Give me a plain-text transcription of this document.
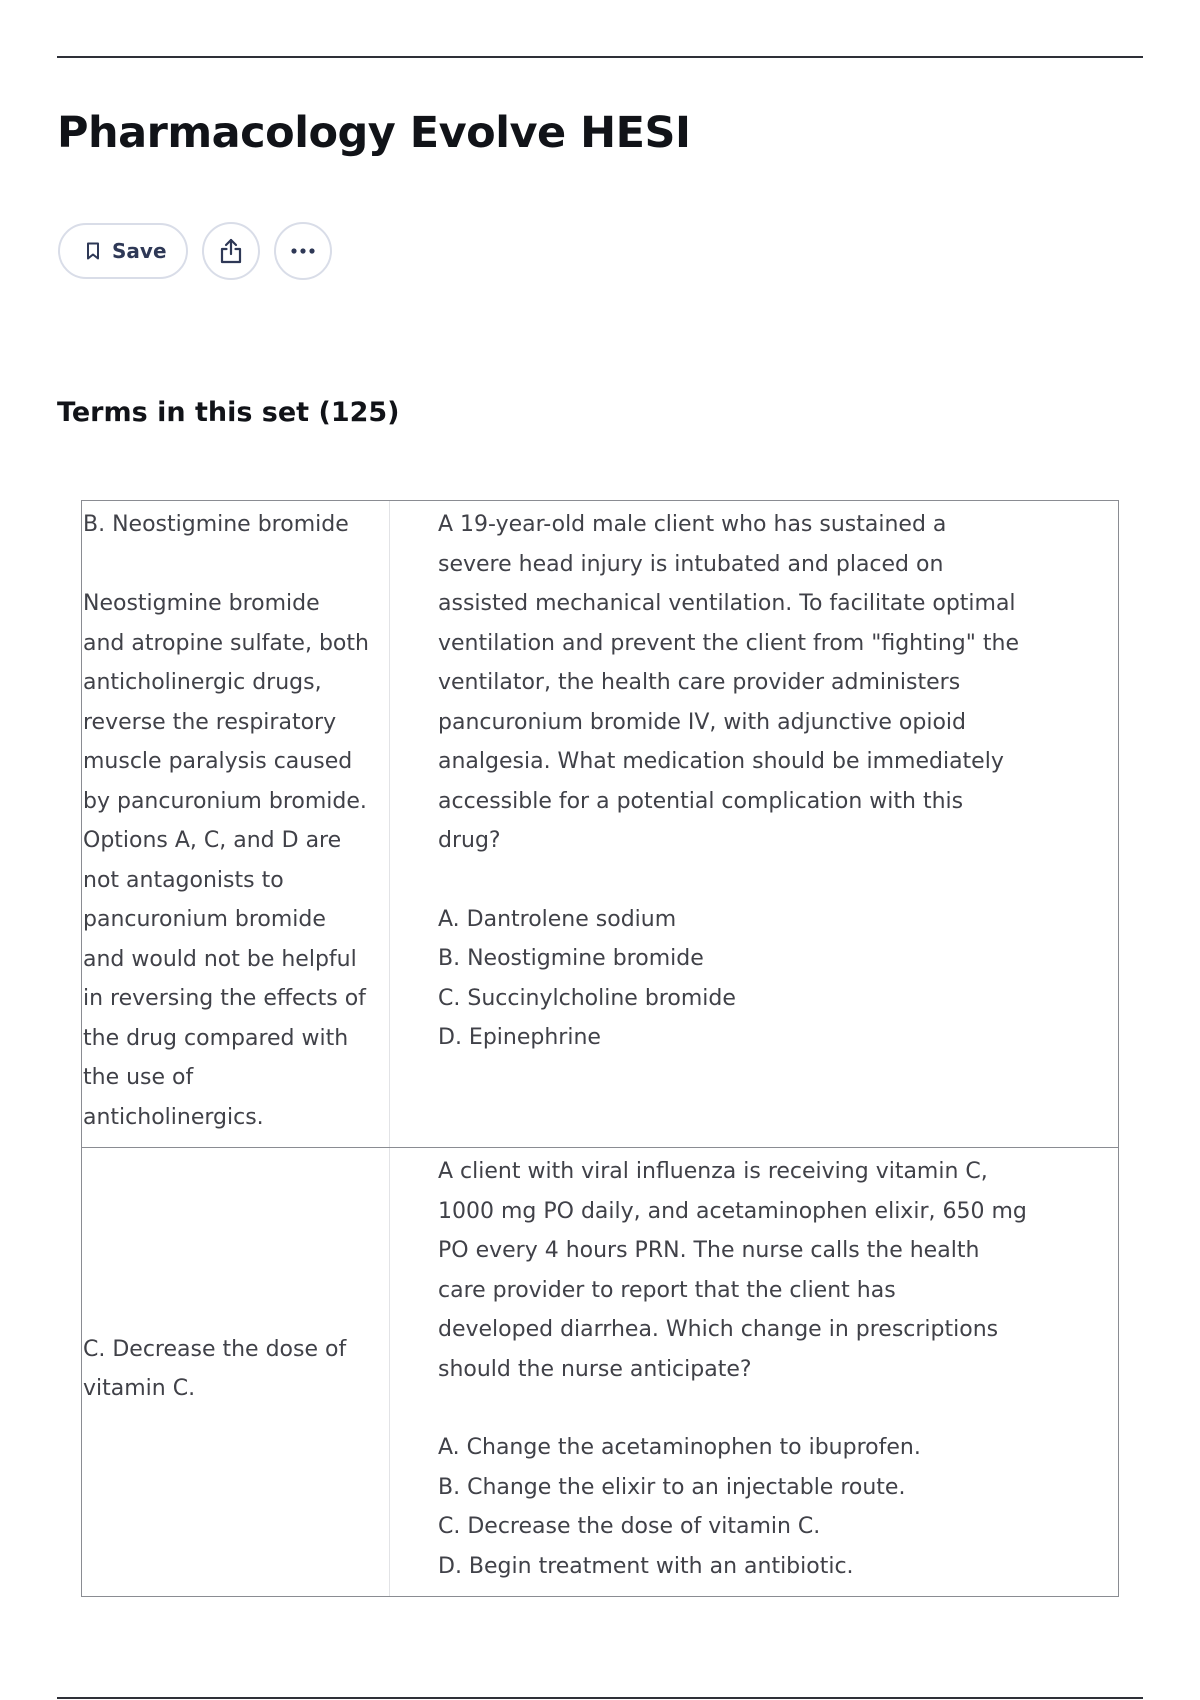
Pharmacology Evolve HESI
Save
Terms in this set (125)
B. Neostigmine bromide

Neostigmine bromide
and atropine sulfate, both
anticholinergic drugs,
reverse the respiratory
muscle paralysis caused
by pancuronium bromide.
Options A, C, and D are
not antagonists to
pancuronium bromide
and would not be helpful
in reversing the effects of
the drug compared with
the use of
anticholinergics.

A 19-year-old male client who has sustained a
severe head injury is intubated and placed on
assisted mechanical ventilation. To facilitate optimal
ventilation and prevent the client from "fighting" the
ventilator, the health care provider administers
pancuronium bromide IV, with adjunctive opioid
analgesia. What medication should be immediately
accessible for a potential complication with this
drug?

A. Dantrolene sodium
B. Neostigmine bromide
C. Succinylcholine bromide
D. Epinephrine
C. Decrease the dose of
vitamin C.

A client with viral influenza is receiving vitamin C,
1000 mg PO daily, and acetaminophen elixir, 650 mg
PO every 4 hours PRN. The nurse calls the health
care provider to report that the client has
developed diarrhea. Which change in prescriptions
should the nurse anticipate?

A. Change the acetaminophen to ibuprofen.
B. Change the elixir to an injectable route.
C. Decrease the dose of vitamin C.
D. Begin treatment with an antibiotic.
